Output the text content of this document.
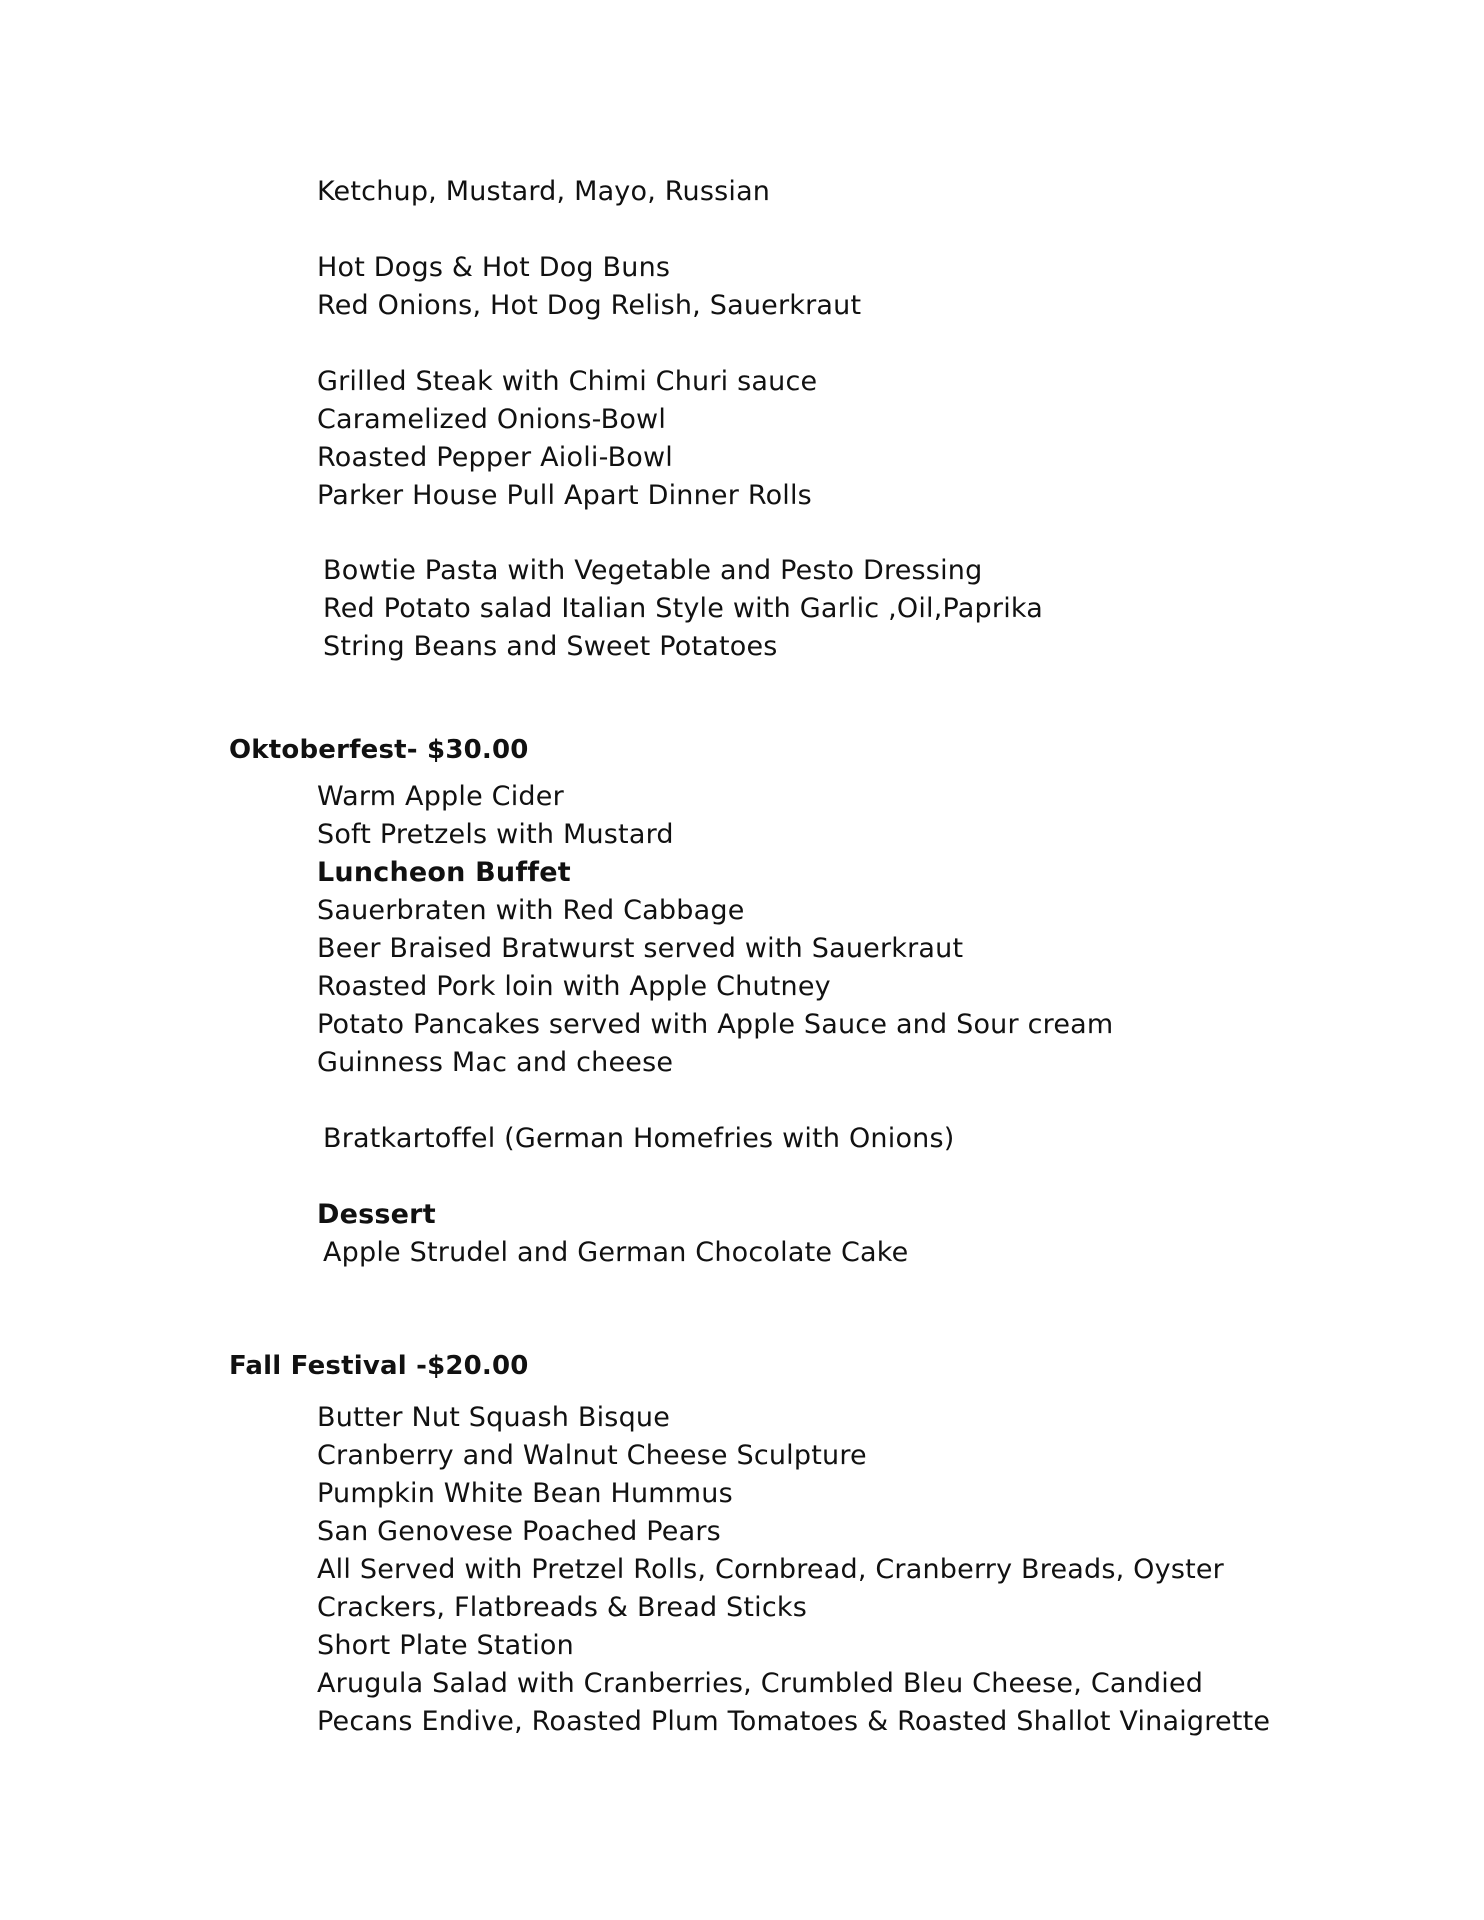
Ketchup, Mustard, Mayo, Russian
Hot Dogs & Hot Dog Buns
Red Onions, Hot Dog Relish, Sauerkraut
Grilled Steak with Chimi Churi sauce
Caramelized Onions-Bowl
Roasted Pepper Aioli-Bowl
Parker House Pull Apart Dinner Rolls
Bowtie Pasta with Vegetable and Pesto Dressing
Red Potato salad Italian Style with Garlic ,Oil,Paprika
String Beans and Sweet Potatoes
Oktoberfest- $30.00
Warm Apple Cider
Soft Pretzels with Mustard
Luncheon Buffet
Sauerbraten with Red Cabbage
Beer Braised Bratwurst served with Sauerkraut
Roasted Pork loin with Apple Chutney
Potato Pancakes served with Apple Sauce and Sour cream
Guinness Mac and cheese
Bratkartoffel (German Homefries with Onions)
Dessert
Apple Strudel and German Chocolate Cake
Fall Festival -$20.00
Butter Nut Squash Bisque
Cranberry and Walnut Cheese Sculpture
Pumpkin White Bean Hummus
San Genovese Poached Pears
All Served with Pretzel Rolls, Cornbread, Cranberry Breads, Oyster
Crackers, Flatbreads & Bread Sticks
Short Plate Station
Arugula Salad with Cranberries, Crumbled Bleu Cheese, Candied
Pecans Endive, Roasted Plum Tomatoes & Roasted Shallot Vinaigrette
